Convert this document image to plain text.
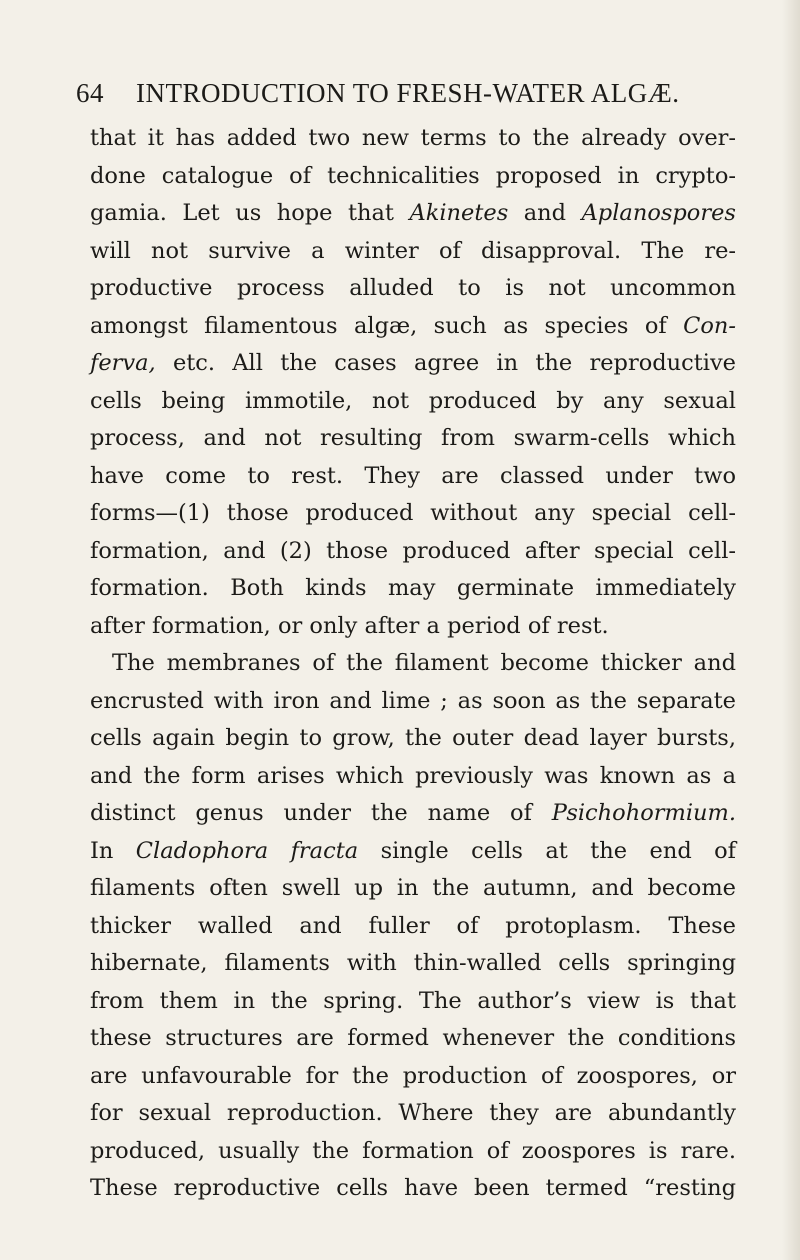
64 INTRODUCTION TO FRESH-WATER ALGÆ.
that it has added two new terms to the already over-
done catalogue of technicalities proposed in crypto-
gamia. Let us hope that Akinetes and Aplanospores
will not survive a winter of disapproval. The re-
productive process alluded to is not uncommon
amongst filamentous algæ, such as species of Con-
ferva, etc. All the cases agree in the reproductive
cells being immotile, not produced by any sexual
process, and not resulting from swarm-cells which
have come to rest. They are classed under two
forms—(1) those produced without any special cell-
formation, and (2) those produced after special cell-
formation. Both kinds may germinate immediately
after formation, or only after a period of rest.
The membranes of the filament become thicker and
encrusted with iron and lime ; as soon as the separate
cells again begin to grow, the outer dead layer bursts,
and the form arises which previously was known as a
distinct genus under the name of Psichohormium.
In Cladophora fracta single cells at the end of
filaments often swell up in the autumn, and become
thicker walled and fuller of protoplasm. These
hibernate, filaments with thin-walled cells springing
from them in the spring. The author’s view is that
these structures are formed whenever the conditions
are unfavourable for the production of zoospores, or
for sexual reproduction. Where they are abundantly
produced, usually the formation of zoospores is rare.
These reproductive cells have been termed “resting
